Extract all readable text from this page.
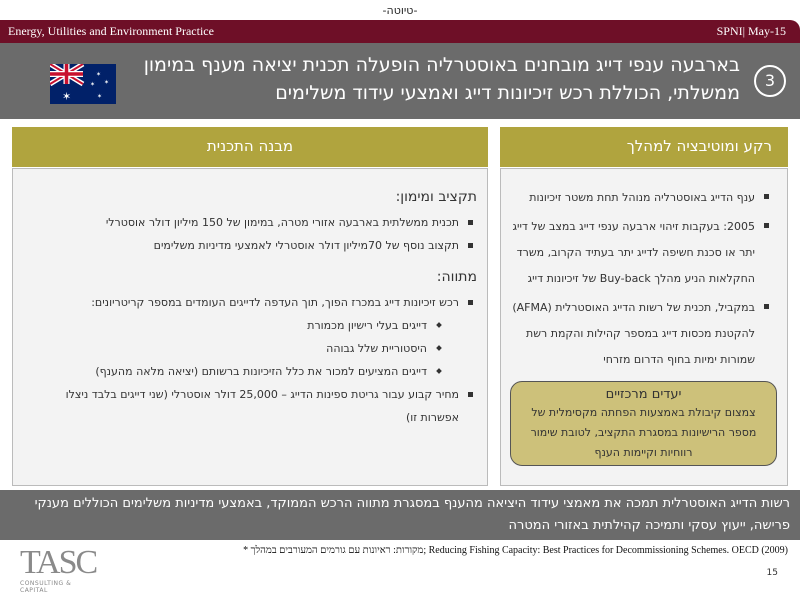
-טיוטה-
Energy, Utilities and Environment Practice	SPNI| May-15
3
בארבעה ענפי דייג מובחנים באוסטרליה הופעלה תכנית יציאה מענף במימון ממשלתי, הכוללת רכש זיכיונות דייג ואמצעי עידוד משלימים
✶
✶
✶
✶
✶
מבנה התכנית	רקע ומוטיבציה למהלך
תקציב ומימון:
תכנית ממשלתית בארבעה אזורי מטרה, במימון של 150 מיליון דולר אוסטרלי
תקצוב נוסף של 70מיליון דולר אוסטרלי לאמצעי מדיניות משלימים
מתווה:
רכש זיכיונות דייג במכרז הפוך, תוך העדפה לדייגים העומדים במספר קריטריונים:
דייגים בעלי רישיון מכמורת
היסטוריית שלל גבוהה
דייגים המציעים למכור את כלל הזיכיונות ברשותם (יציאה מלאה מהענף)
מחיר קבוע עבור גריטת ספינות הדייג – 25,000 דולר אוסטרלי (שני דייגים בלבד ניצלו אפשרות זו)
ענף הדייג באוסטרליה מנוהל תחת משטר זיכיונות
2005: בעקבות זיהוי ארבעה ענפי דייג במצב של דייג יתר או סכנת חשיפה לדייג יתר בעתיד הקרוב, משרד החקלאות הניע מהלך Buy-back של זיכיונות דייג
במקביל, תכנית של רשות הדייג האוסטרלית (AFMA) להקטנת מכסות דייג במספר קהילות והקמת רשת שמורות ימיות בחוף הדרום מזרחי
יעדים מרכזיים
צמצום קיבולת באמצעות הפחתה מקסימלית של מספר הרישיונות במסגרת התקציב, לטובת שימור רווחיות וקיימות הענף
רשות הדייג האוסטרלית תמכה את מאמצי עידוד היציאה מהענף במסגרת מתווה הרכש הממוקד, באמצעי מדיניות משלימים הכוללים מענקי פרישה, ייעוץ עסקי ותמיכה קהילתית באזורי המטרה
TASC
CONSULTING & CAPITAL
* מקורות: ראיונות עם גורמים המעורבים במהלך; Reducing Fishing Capacity: Best Practices for Decommissioning Schemes. OECD (2009)
15
